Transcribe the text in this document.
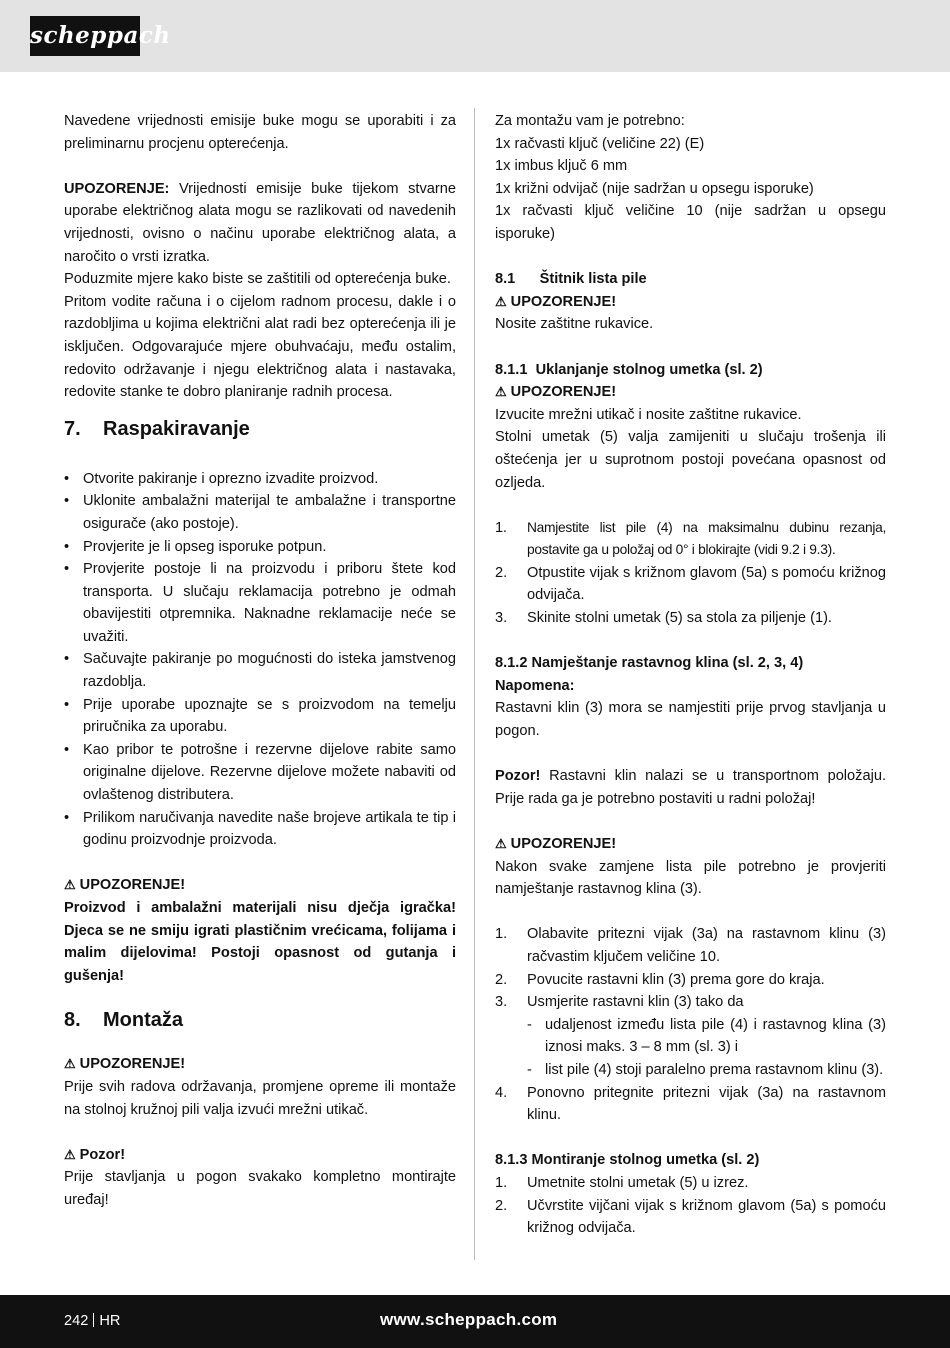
scheppach

Navedene vrijednosti emisije buke mogu se uporabiti i za preliminarnu procjenu opterećenja.

UPOZORENJE: Vrijednosti emisije buke tijekom stvarne uporabe električnog alata mogu se razlikovati od navedenih vrijednosti, ovisno o načinu uporabe električnog alata, a naročito o vrsti izratka.

Poduzmite mjere kako biste se zaštitili od opterećenja buke.

Pritom vodite računa i o cijelom radnom procesu, dakle i o razdobljima u kojima električni alat radi bez opterećenja ili je isključen. Odgovarajuće mjere obuhvaćaju, među ostalim, redovito održavanje i njegu električnog alata i nastavaka, redovite stanke te dobro planiranje radnih procesa.

7.	Raspakiravanje
• Otvorite pakiranje i oprezno izvadite proizvod.
• Uklonite ambalažni materijal te ambalažne i transportne osigurače (ako postoje).
• Provjerite je li opseg isporuke potpun.
• Provjerite postoje li na proizvodu i priboru štete kod transporta. U slučaju reklamacija potrebno je odmah obavijestiti otpremnika. Naknadne reklamacije neće se uvažiti.
• Sačuvajte pakiranje po mogućnosti do isteka jamstvenog razdoblja.
• Prije uporabe upoznajte se s proizvodom na temelju priručnika za uporabu.
• Kao pribor te potrošne i rezervne dijelove rabite samo originalne dijelove. Rezervne dijelove možete nabaviti od ovlaštenog distributera.
• Prilikom naručivanja navedite naše brojeve artikala te tip i godinu proizvodnje proizvoda.

⚠ UPOZORENJE!

Proizvod i ambalažni materijali nisu dječja igračka! Djeca se ne smiju igrati plastičnim vrećicama, folijama i malim dijelovima! Postoji opasnost od gutanja i gušenja!

8.	Montaža

⚠ UPOZORENJE!

Prije svih radova održavanja, promjene opreme ili montaže na stolnoj kružnoj pili valja izvući mrežni utikač.

⚠ Pozor!

Prije stavljanja u pogon svakako kompletno montirajte uređaj!

Za montažu vam je potrebno:

1x račvasti ključ (veličine 22) (E)

1x imbus ključ 6 mm

1x križni odvijač (nije sadržan u opsegu isporuke)

1x račvasti ključ veličine 10 (nije sadržan u opsegu isporuke)

8.1      Štitnik lista pile

⚠ UPOZORENJE!

Nosite zaštitne rukavice.

8.1.1  Uklanjanje stolnog umetka (sl. 2)

⚠ UPOZORENJE!

Izvucite mrežni utikač i nosite zaštitne rukavice.

Stolni umetak (5) valja zamijeniti u slučaju trošenja ili oštećenja jer u suprotnom postoji povećana opasnost od ozljeda.

1.	Namjestite list pile (4) na maksimalnu dubinu rezanja, postavite ga u položaj od 0° i blokirajte (vidi 9.2 i 9.3).
2.	Otpustite vijak s križnom glavom (5a) s pomoću križnog odvijača.
3.	Skinite stolni umetak (5) sa stola za piljenje (1).

8.1.2 Namještanje rastavnog klina (sl. 2, 3, 4)

Napomena:

Rastavni klin (3) mora se namjestiti prije prvog stavljanja u pogon.

Pozor! Rastavni klin nalazi se u transportnom položaju. Prije rada ga je potrebno postaviti u radni položaj!

⚠ UPOZORENJE!

Nakon svake zamjene lista pile potrebno je provjeriti namještanje rastavnog klina (3).

1.	Olabavite pritezni vijak (3a) na rastavnom klinu (3) račvastim ključem veličine 10.
2.	Povucite rastavni klin (3) prema gore do kraja.
3.	Usmjerite rastavni klin (3) tako da
- udaljenost između lista pile (4) i rastavnog klina (3) iznosi maks. 3 – 8 mm (sl. 3) i
- list pile (4) stoji paralelno prema rastavnom klinu (3).
4.	Ponovno pritegnite pritezni vijak (3a) na rastavnom klinu.

8.1.3 Montiranje stolnog umetka (sl. 2)

1.	Umetnite stolni umetak (5) u izrez.
2.	Učvrstite vijčani vijak s križnom glavom (5a) s pomoću križnog odvijača.
242 HR	www.scheppach.com
